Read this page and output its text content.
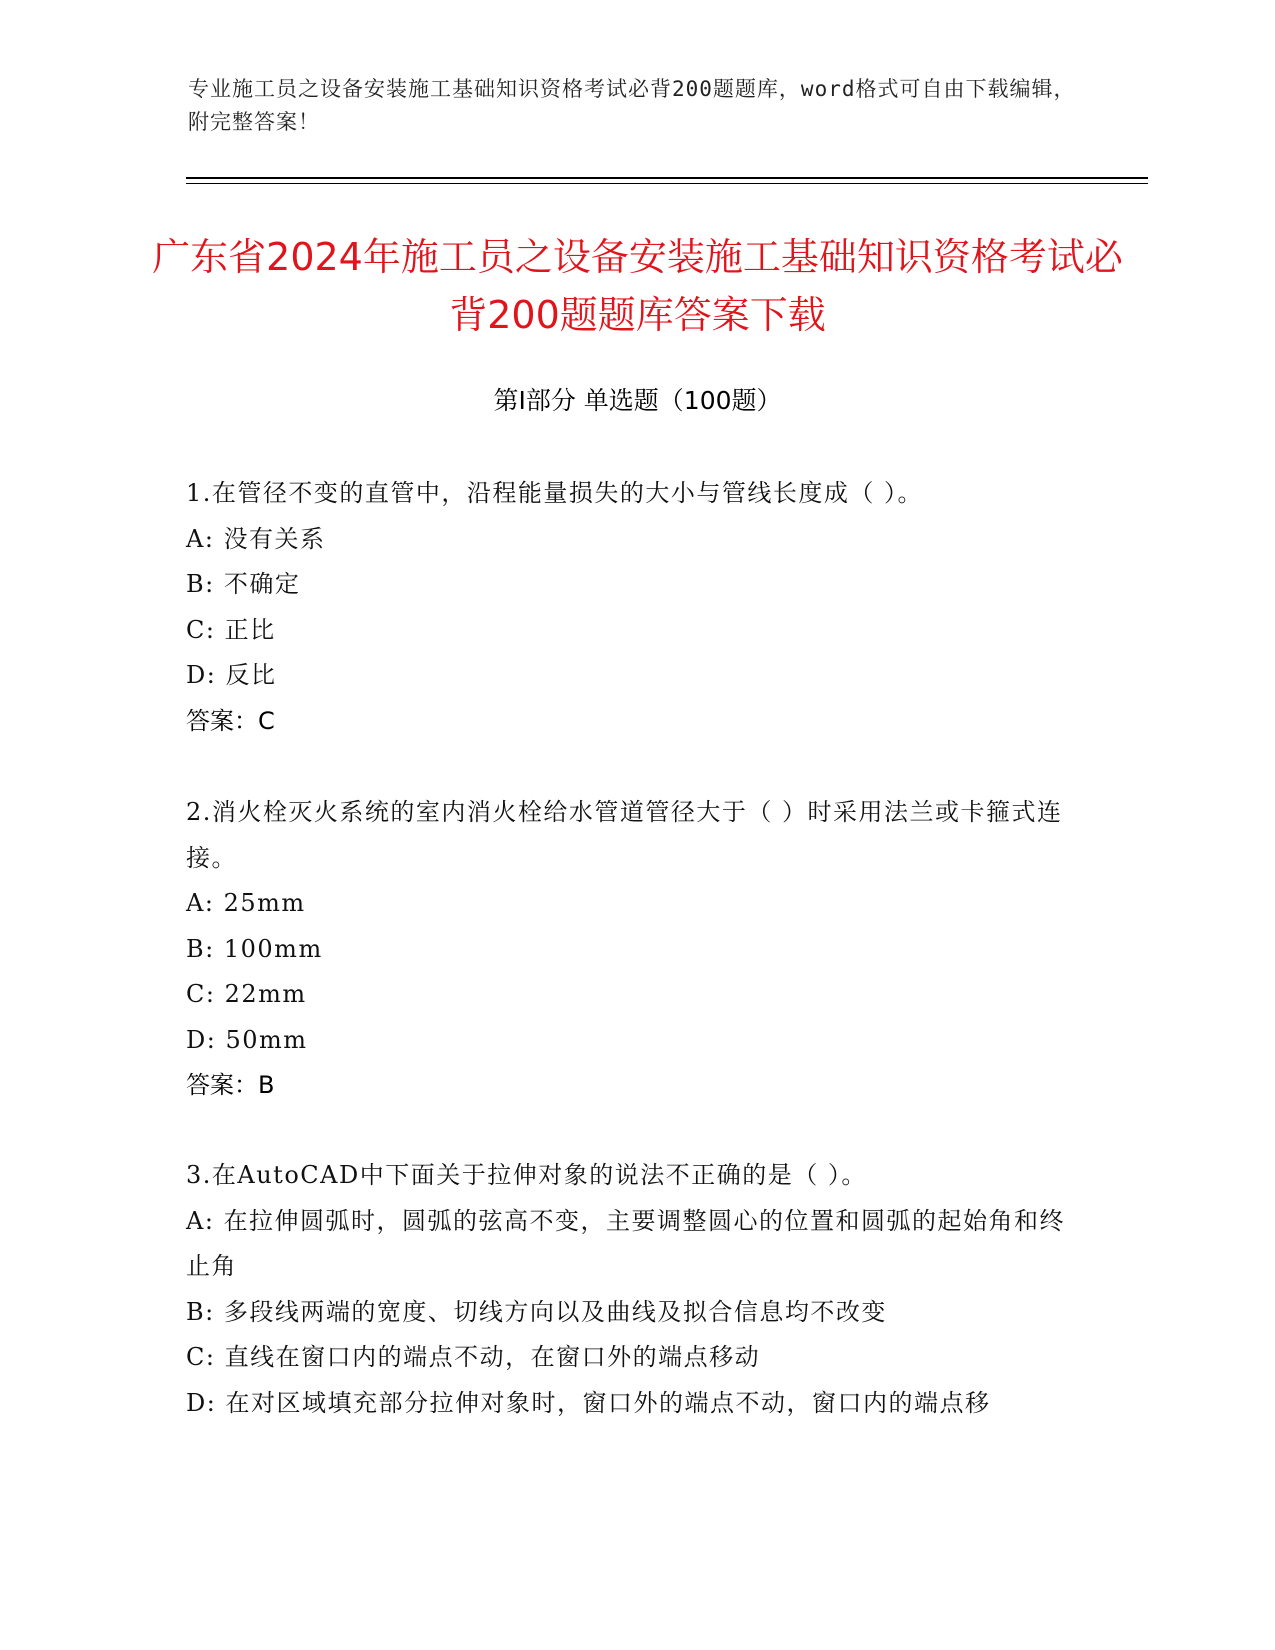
专业施工员之设备安装施工基础知识资格考试必背200题题库，word格式可自由下载编辑，附完整答案！
广东省2024年施工员之设备安装施工基础知识资格考试必背200题题库答案下载
第Ⅰ部分 单选题（100题）
1.在管径不变的直管中，沿程能量损失的大小与管线长度成（ ）。
A: 没有关系
B: 不确定
C: 正比
D: 反比
答案：C
2.消火栓灭火系统的室内消火栓给水管道管径大于（ ）时采用法兰或卡箍式连接。
A: 25mm
B: 100mm
C: 22mm
D: 50mm
答案：B
3.在AutoCAD中下面关于拉伸对象的说法不正确的是（ ）。
A: 在拉伸圆弧时，圆弧的弦高不变，主要调整圆心的位置和圆弧的起始角和终止角
B: 多段线两端的宽度、切线方向以及曲线及拟合信息均不改变
C: 直线在窗口内的端点不动，在窗口外的端点移动
D: 在对区域填充部分拉伸对象时，窗口外的端点不动，窗口内的端点移
